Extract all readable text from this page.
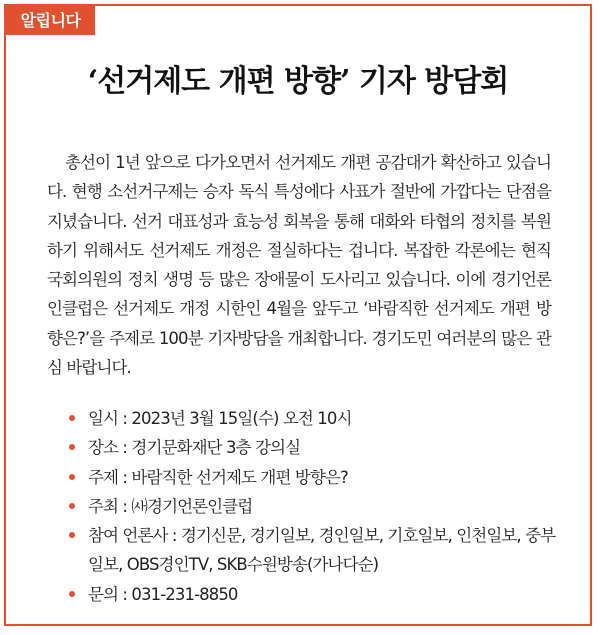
알립니다
‘선거제도 개편 방향’ 기자 방담회

총선이 1년 앞으로 다가오면서 선거제도 개편 공감대가 확산하고 있습니다. 현행 소선거구제는 승자 독식 특성에다 사표가 절반에 가깝다는 단점을 지녔습니다. 선거 대표성과 효능성 회복을 통해 대화와 타협의 정치를 복원하기 위해서도 선거제도 개정은 절실하다는 겁니다. 복잡한 각론에는 현직 국회의원의 정치 생명 등 많은 장애물이 도사리고 있습니다. 이에 경기언론인클럽은 선거제도 개정 시한인 4월을 앞두고 ‘바람직한 선거제도 개편 방향은?’을 주제로 100분 기자방담을 개최합니다. 경기도민 여러분의 많은 관심 바랍니다.

일시 : 2023년 3월 15일(수) 오전 10시
장소 : 경기문화재단 3층 강의실
주제 : 바람직한 선거제도 개편 방향은?
주최 : ㈔경기언론인클럽
참여 언론사 : 경기신문, 경기일보, 경인일보, 기호일보, 인천일보, 중부일보, OBS경인TV, SKB수원방송(가나다순)
문의 : 031-231-8850
